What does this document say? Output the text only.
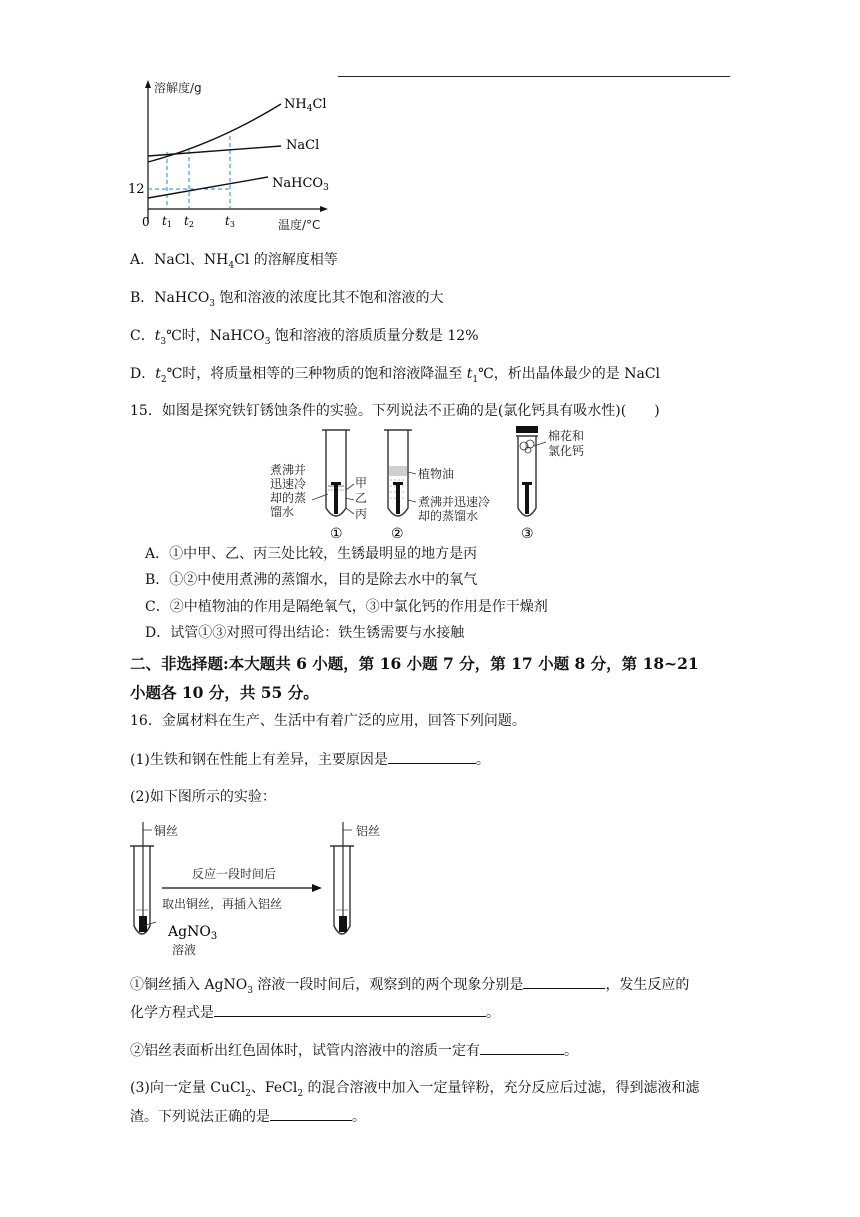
溶解度/g
温度/°C
0
12
$NH_4Cl$
NaCl
NaHCO$_3$
t1 t2	t3
A．NaCl、$NH_4Cl$ 的溶解度相等
B．NaHCO$_3$ 饱和溶液的浓度比其不饱和溶液的大
C．$t_3℃$时，NaHCO$_3$ 饱和溶液的溶质质量分数是 12%
D．$t_2℃$时，将质量相等的三种物质的饱和溶液降温至 $t_1℃$，析出晶体最少的是 NaCl
15．如图是探究铁钉锈蚀条件的实验。下列说法不正确的是(氯化钙具有吸水性)(　　)
甲
乙
丙
煮沸并
迅速冷
却的蒸
馏水
①
植物油
煮沸并迅速冷
却的蒸馏水
②
棉花和
氯化钙
③
A．①中甲、乙、丙三处比较，生锈最明显的地方是丙
B．①②中使用煮沸的蒸馏水，目的是除去水中的氧气
C．②中植物油的作用是隔绝氧气，③中氯化钙的作用是作干燥剂
D．试管①③对照可得出结论：铁生锈需要与水接触
二、非选择题:本大题共 6 小题，第 16 小题 7 分，第 17 小题 8 分，第 18~21
小题各 10 分，共 55 分。
16．金属材料在生产、生活中有着广泛的应用，回答下列问题。
(1)生铁和钢在性能上有差异，主要原因是	。
(2)如下图所示的实验：
铜丝
AgNO$_3$
溶液
反应一段时间后
取出铜丝，再插入铝丝
铝丝
①铜丝插入 AgNO$_3$ 溶液一段时间后，观察到的两个现象分别是	，发生反应的
化学方程式是	。
②铝丝表面析出红色固体时，试管内溶液中的溶质一定有	。
(3)向一定量 CuCl$_2$、FeCl$_2$ 的混合溶液中加入一定量锌粉，充分反应后过滤，得到滤液和滤
渣。下列说法正确的是	。
